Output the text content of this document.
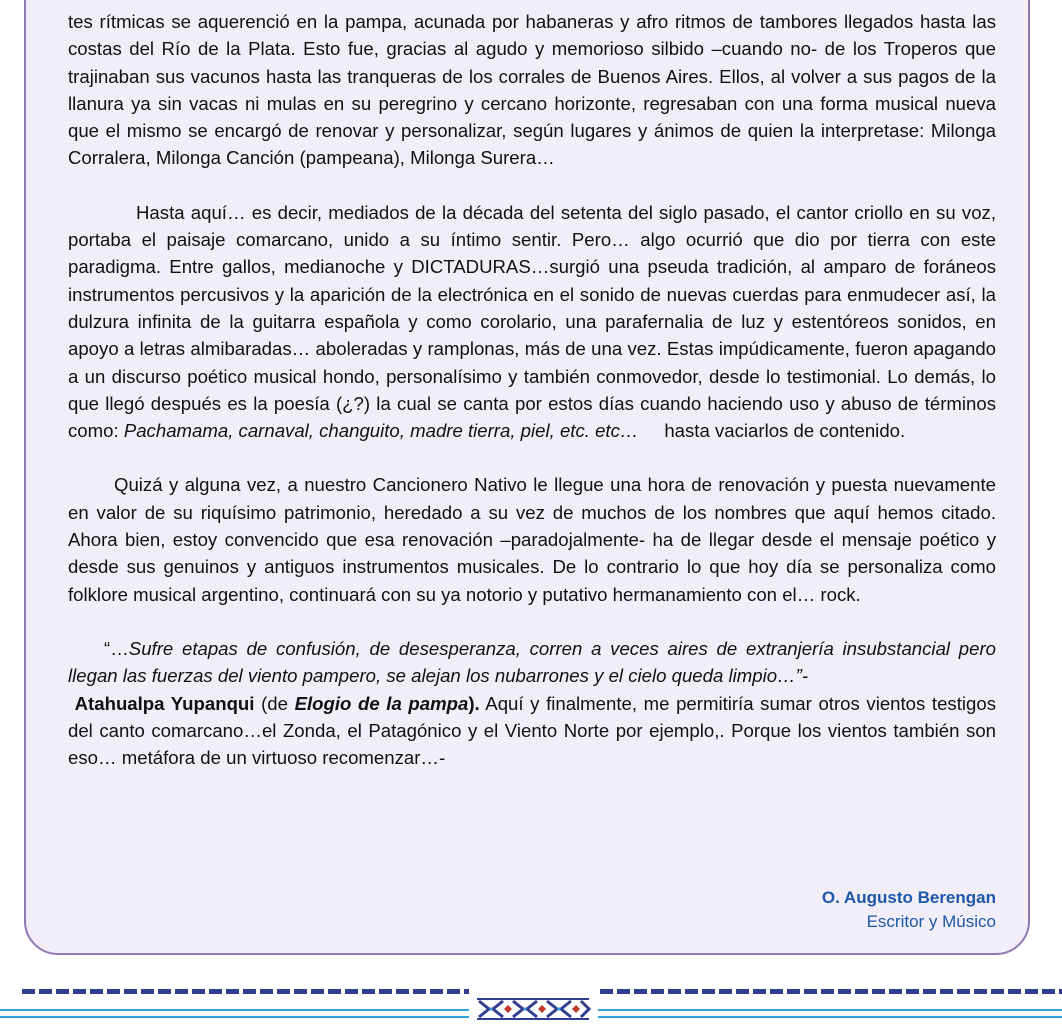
tes rítmicas se aquerenció en la pampa, acunada por habaneras y afro ritmos de tambores llegados hasta las costas del Río de la Plata. Esto fue, gracias al agudo y memorioso silbido –cuando no- de los Troperos que trajinaban sus vacunos hasta las tranqueras de los corrales de Buenos Aires. Ellos, al volver a sus pagos de la llanura ya sin vacas ni mulas en su peregrino y cercano horizonte, regresaban con una forma musical nueva que el mismo se encargó de renovar y personalizar, según lugares y ánimos de quien la interpretase: Milonga Corralera, Milonga Canción (pampeana), Milonga Surera…

Hasta aquí… es decir, mediados de la década del setenta del siglo pasado, el cantor criollo en su voz, portaba el paisaje comarcano, unido a su íntimo sentir. Pero… algo ocurrió que dio por tierra con este paradigma. Entre gallos, medianoche y DICTADURAS…surgió una pseuda tradición, al amparo de foráneos instrumentos percusivos y la aparición de la electrónica en el sonido de nuevas cuerdas para enmudecer así, la dulzura infinita de la guitarra española y como corolario, una parafernalia de luz y estentóreos sonidos, en apoyo a letras almibaradas… aboleradas y ramplonas, más de una vez. Estas impúdicamente, fueron apagando a un discurso poético musical hondo, personalísimo y también conmovedor, desde lo testimonial. Lo demás, lo que llegó después es la poesía (¿?) la cual se canta por estos días cuando haciendo uso y abuso de términos como: Pachamama, carnaval, changuito, madre tierra, piel, etc. etc… hasta vaciarlos de contenido.

Quizá y alguna vez, a nuestro Cancionero Nativo le llegue una hora de renovación y puesta nuevamente en valor de su riquísimo patrimonio, heredado a su vez de muchos de los nombres que aquí hemos citado. Ahora bien, estoy convencido que esa renovación –paradojalmente- ha de llegar desde el mensaje poético y desde sus genuinos y antiguos instrumentos musicales. De lo contrario lo que hoy día se personaliza como folklore musical argentino, continuará con su ya notorio y putativo hermanamiento con el… rock.

“…Sufre etapas de confusión, de desesperanza, corren a veces aires de extranjería insubstancial pero llegan las fuerzas del viento pampero, se alejan los nubarrones y el cielo queda limpio…”-
Atahualpa Yupanqui (de Elogio de la pampa). Aquí y finalmente, me permitiría sumar otros vientos testigos del canto comarcano…el Zonda, el Patagónico y el Viento Norte por ejemplo,. Porque los vientos también son eso… metáfora de un virtuoso recomenzar…-

O. Augusto Berengan
Escritor y Músico
